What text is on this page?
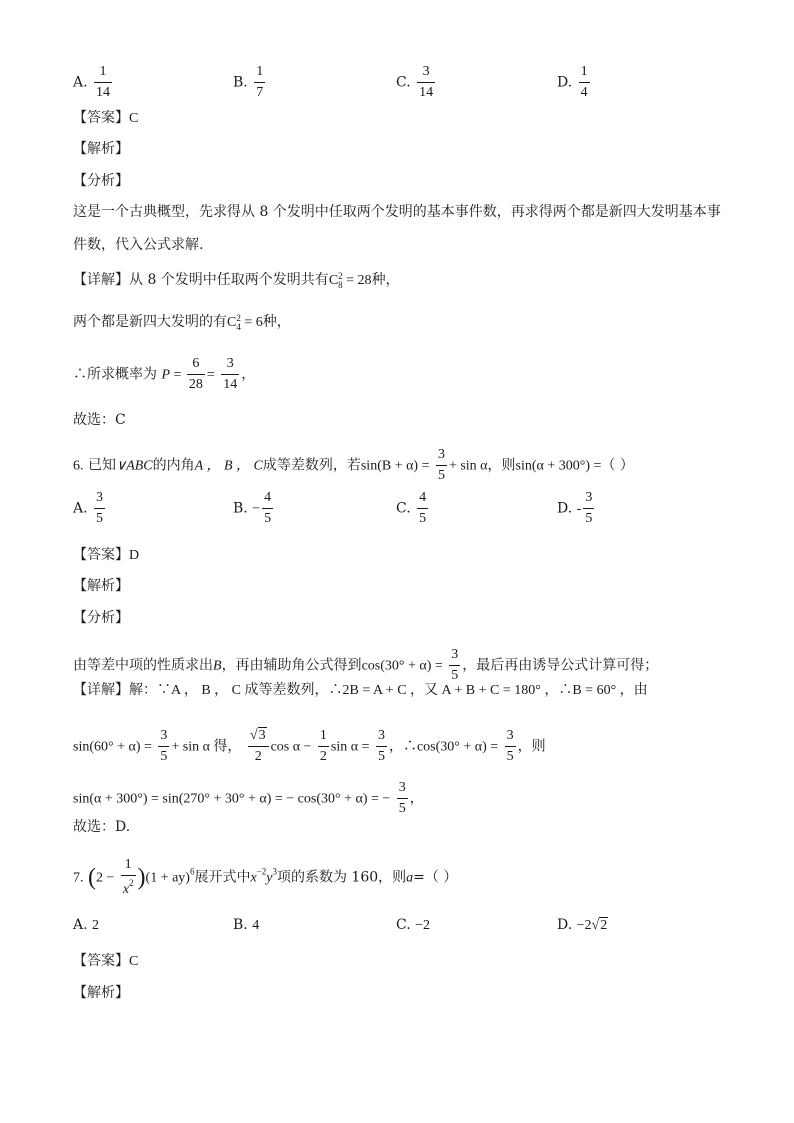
A. $\frac{1}{14}$	B. $\frac{1}{7}$	C. $\frac{3}{14}$	D. $\frac{1}{4}$
【答案】C
【解析】
【分析】
这是一个古典概型，先求得从 8 个发明中任取两个发明的基本事件数，再求得两个都是新四大发明基本事
件数，代入公式求解.
【详解】从 8 个发明中任取两个发明共有C 2
8 = 28种，
两个都是新四大发明的有C 2
4 = 6种，
∴所求概率为 $P = \frac{6}{28} = \frac{3}{14}$ ，
故选：C
6. 已知∨ABC的内角A ， B ， C成等差数列，若$\sin(B + \alpha) = \frac{3}{5} + \sin \alpha$，则sin(α + 300°) =（ ）
A. $\frac{3}{5}$	B. − $\frac{4}{5}$	C. $\frac{4}{5}$	D. - $\frac{3}{5}$
【答案】D
【解析】
【分析】
由等差中项的性质求出B，再由辅助角公式得到$\cos(30^\circ + \alpha) = \frac{3}{5}$ ，最后再由诱导公式计算可得；
【详解】解：∵A ， B ， C 成等差数列，∴2B = A + C ，又 A + B + C = 180° ，∴B = 60° ，由
$\sin(60^\circ + \alpha) = \frac{3}{5} + \sin \alpha$ 得， $\frac{√3}{2}$ $\cos \alpha - \frac{1}{2}$ $\sin \alpha = \frac{3}{5}$ ，∴cos(30° + $\alpha) = \frac{3}{5}$ ，则
sin(α + 300°) = sin(270° + 30° + α) = − cos(30° + α) = − $\frac{3}{5}$ ，
故选：D.
7. $(2 - \frac{1}{x^2} )(1 + ay)^6$展开式中$x^{-2}y^3$项的系数为 160，则a=（ ）
A. 2	B. 4	C. −2	D. −2√2
【答案】C
【解析】
